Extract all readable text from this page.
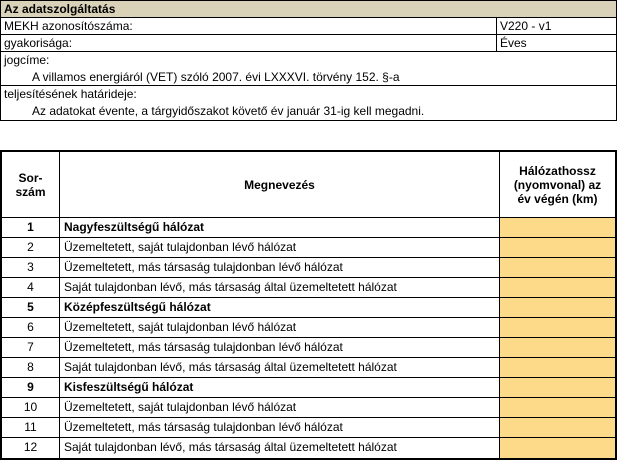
Az adatszolgáltatás
MEKH azonosítószáma:	V220 - v1
gyakorisága:	Éves
jogcíme:
A villamos energiáról (VET) szóló 2007. évi LXXXVI. törvény 152. §-a
teljesítésének határideje:
Az adatokat évente, a tárgyidőszakot követő év január 31-ig kell megadni.
Sor-
szám	Megnevezés
Hálózathossz (nyomvonal) az év végén (km)
1	Nagyfeszültségű hálózat
2	Üzemeltetett, saját tulajdonban lévő hálózat
3	Üzemeltetett, más társaság tulajdonban lévő hálózat
4	Saját tulajdonban lévő, más társaság által üzemeltetett hálózat
5	Középfeszültségű hálózat
6	Üzemeltetett, saját tulajdonban lévő hálózat
7	Üzemeltetett, más társaság tulajdonban lévő hálózat
8	Saját tulajdonban lévő, más társaság által üzemeltetett hálózat
9	Kisfeszültségű hálózat
10	Üzemeltetett, saját tulajdonban lévő hálózat
11	Üzemeltetett, más társaság tulajdonban lévő hálózat
12	Saját tulajdonban lévő, más társaság által üzemeltetett hálózat
